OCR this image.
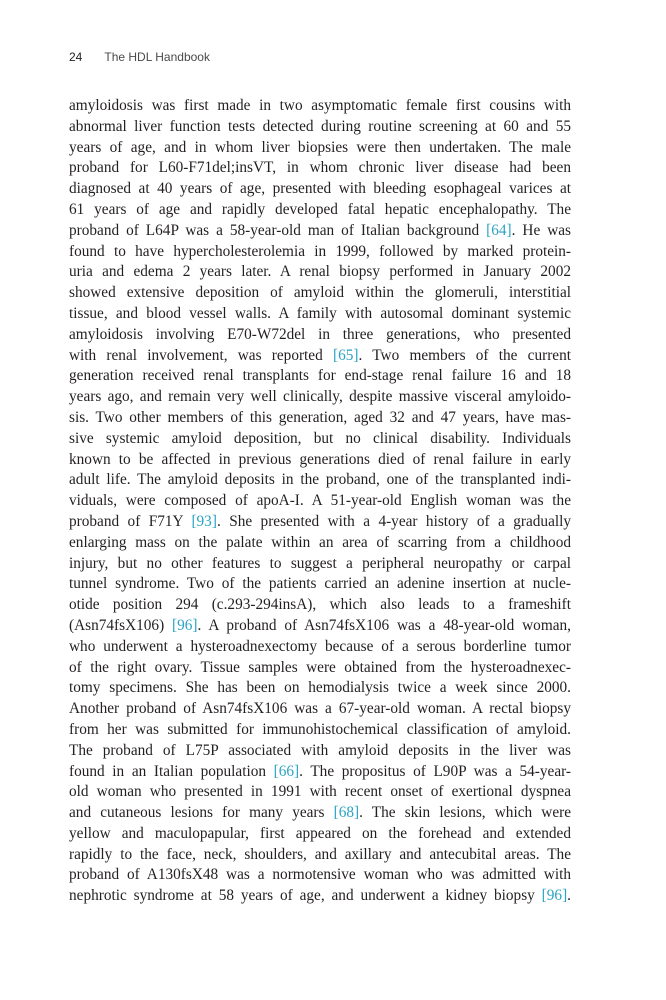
24 The HDL Handbook
amyloidosis was first made in two asymptomatic female first cousins with
abnormal liver function tests detected during routine screening at 60 and 55
years of age, and in whom liver biopsies were then undertaken. The male
proband for L60-F71del;insVT, in whom chronic liver disease had been
diagnosed at 40 years of age, presented with bleeding esophageal varices at
61 years of age and rapidly developed fatal hepatic encephalopathy. The
proband of L64P was a 58-year-old man of Italian background [64]. He was
found to have hypercholesterolemia in 1999, followed by marked protein-
uria and edema 2 years later. A renal biopsy performed in January 2002
showed extensive deposition of amyloid within the glomeruli, interstitial
tissue, and blood vessel walls. A family with autosomal dominant systemic
amyloidosis involving E70-W72del in three generations, who presented
with renal involvement, was reported [65]. Two members of the current
generation received renal transplants for end-stage renal failure 16 and 18
years ago, and remain very well clinically, despite massive visceral amyloido-
sis. Two other members of this generation, aged 32 and 47 years, have mas-
sive systemic amyloid deposition, but no clinical disability. Individuals
known to be affected in previous generations died of renal failure in early
adult life. The amyloid deposits in the proband, one of the transplanted indi-
viduals, were composed of apoA-I. A 51-year-old English woman was the
proband of F71Y [93]. She presented with a 4-year history of a gradually
enlarging mass on the palate within an area of scarring from a childhood
injury, but no other features to suggest a peripheral neuropathy or carpal
tunnel syndrome. Two of the patients carried an adenine insertion at nucle-
otide position 294 (c.293-294insA), which also leads to a frameshift
(Asn74fsX106) [96]. A proband of Asn74fsX106 was a 48-year-old woman,
who underwent a hysteroadnexectomy because of a serous borderline tumor
of the right ovary. Tissue samples were obtained from the hysteroadnexec-
tomy specimens. She has been on hemodialysis twice a week since 2000.
Another proband of Asn74fsX106 was a 67-year-old woman. A rectal biopsy
from her was submitted for immunohistochemical classification of amyloid.
The proband of L75P associated with amyloid deposits in the liver was
found in an Italian population [66]. The propositus of L90P was a 54-year-
old woman who presented in 1991 with recent onset of exertional dyspnea
and cutaneous lesions for many years [68]. The skin lesions, which were
yellow and maculopapular, first appeared on the forehead and extended
rapidly to the face, neck, shoulders, and axillary and antecubital areas. The
proband of A130fsX48 was a normotensive woman who was admitted with
nephrotic syndrome at 58 years of age, and underwent a kidney biopsy [96].
